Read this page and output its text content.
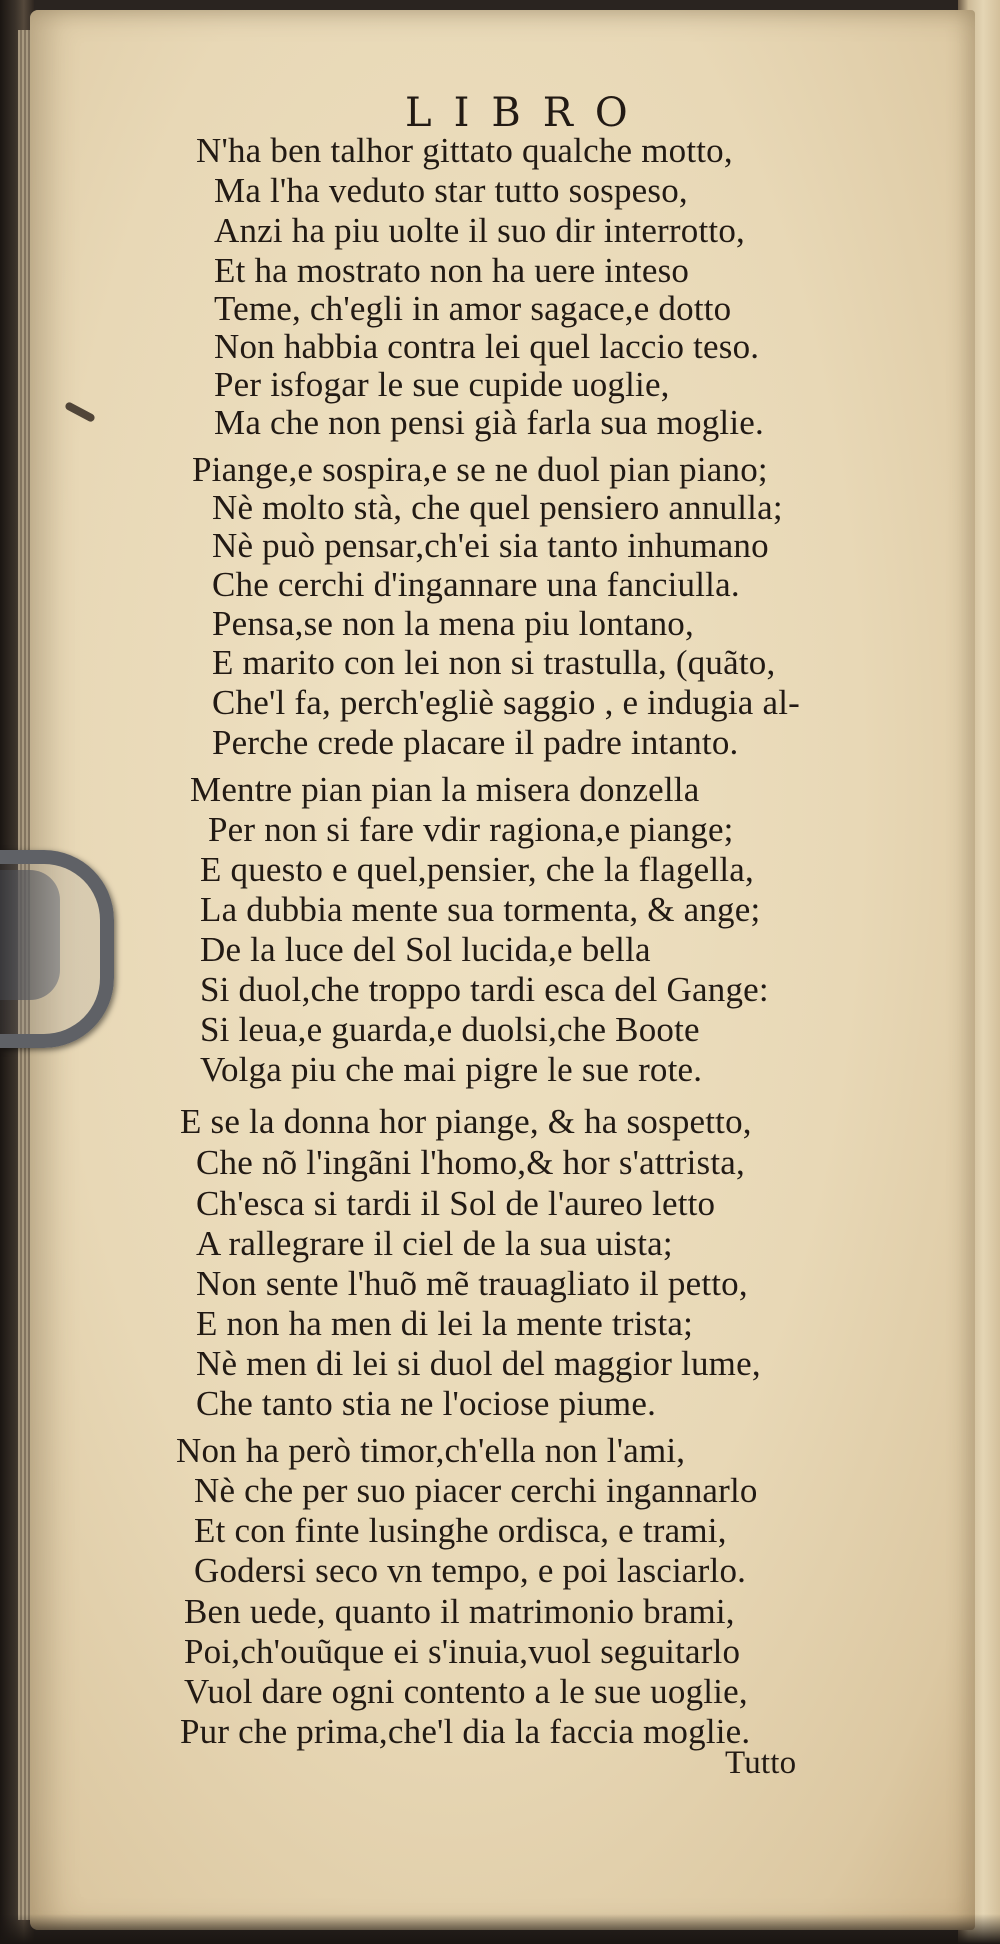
LIBRO
N'ha ben talhor gittato qualche motto,
Ma l'ha veduto star tutto sospeso,
Anzi ha piu uolte il suo dir interrotto,
Et ha mostrato non ha uere inteso
Teme, ch'egli in amor sagace,e dotto
Non habbia contra lei quel laccio teso.
Per isfogar le sue cupide uoglie,
Ma che non pensi già farla sua moglie.
Piange,e sospira,e se ne duol pian piano;
Nè molto stà, che quel pensiero annulla;
Nè può pensar,ch'ei sia tanto inhumano
Che cerchi d'ingannare una fanciulla.
Pensa,se non la mena piu lontano,
E marito con lei non si trastulla, (quãto,
Che'l fa, perch'egliè saggio , e indugia al-
Perche crede placare il padre intanto.
Mentre pian pian la misera donzella
Per non si fare vdir ragiona,e piange;
E questo e quel,pensier, che la flagella,
La dubbia mente sua tormenta, & ange;
De la luce del Sol lucida,e bella
Si duol,che troppo tardi esca del Gange:
Si leua,e guarda,e duolsi,che Boote
Volga piu che mai pigre le sue rote.
E se la donna hor piange, & ha sospetto,
Che nõ l'ingãni l'homo,& hor s'attrista,
Ch'esca si tardi il Sol de l'aureo letto
A rallegrare il ciel de la sua uista;
Non sente l'huõ mẽ trauagliato il petto,
E non ha men di lei la mente trista;
Nè men di lei si duol del maggior lume,
Che tanto stia ne l'ociose piume.
Non ha però timor,ch'ella non l'ami,
Nè che per suo piacer cerchi ingannarlo
Et con finte lusinghe ordisca, e trami,
Godersi seco vn tempo, e poi lasciarlo.
Ben uede, quanto il matrimonio brami,
Poi,ch'ouũque ei s'inuia,vuol seguitarlo
Vuol dare ogni contento a le sue uoglie,
Pur che prima,che'l dia la faccia moglie.
Tutto
